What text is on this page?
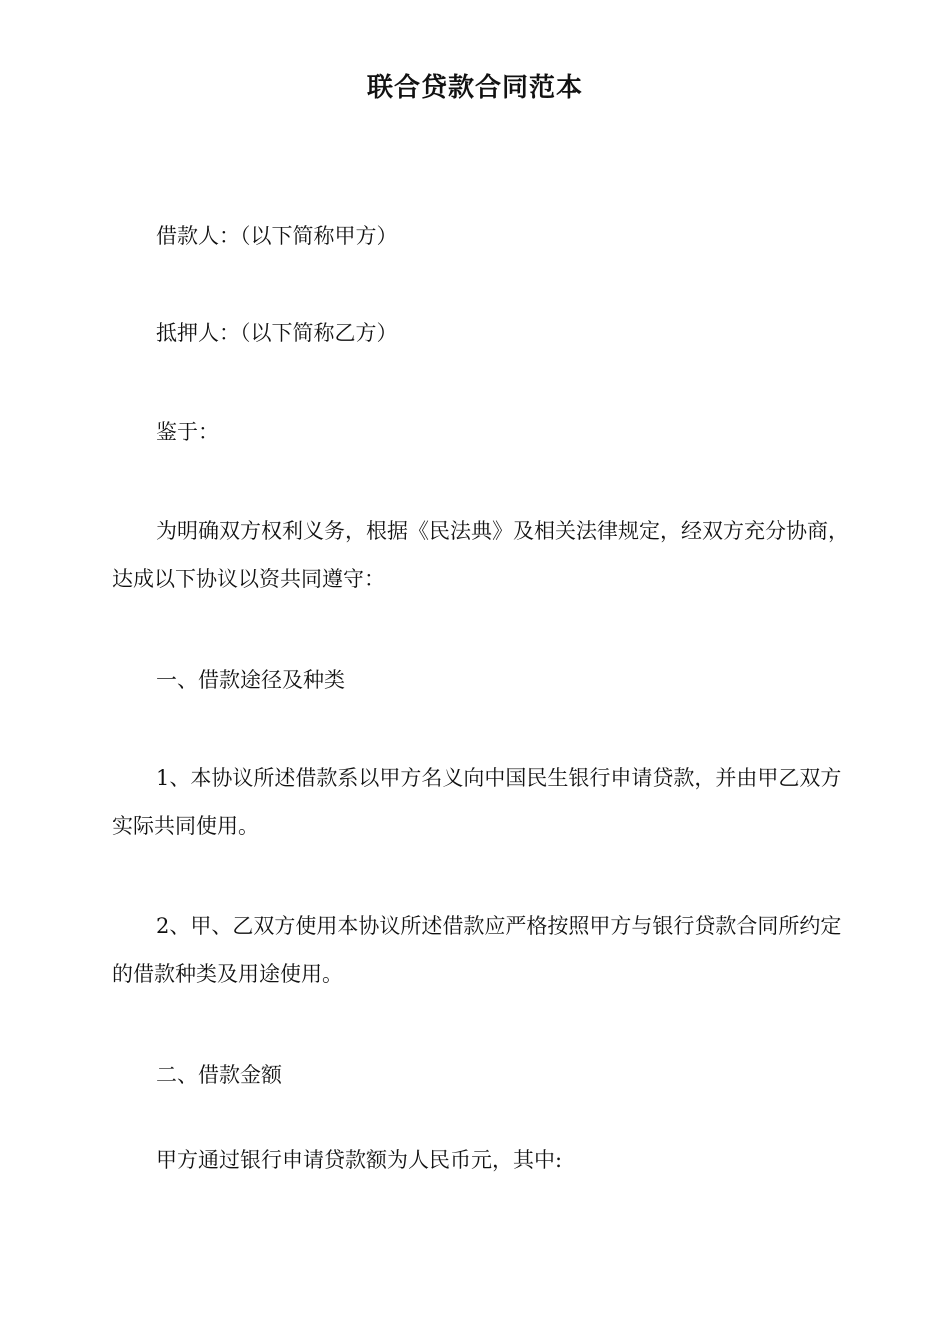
联合贷款合同范本

借款人：（以下简称甲方）

抵押人：（以下简称乙方）

鉴于：

为明确双方权利义务，根据《民法典》及相关法律规定，经双方充分协商，达成以下协议以资共同遵守：

一、借款途径及种类

1、本协议所述借款系以甲方名义向中国民生银行申请贷款，并由甲乙双方实际共同使用。

2、甲、乙双方使用本协议所述借款应严格按照甲方与银行贷款合同所约定的借款种类及用途使用。

二、借款金额

甲方通过银行申请贷款额为人民币元，其中:
